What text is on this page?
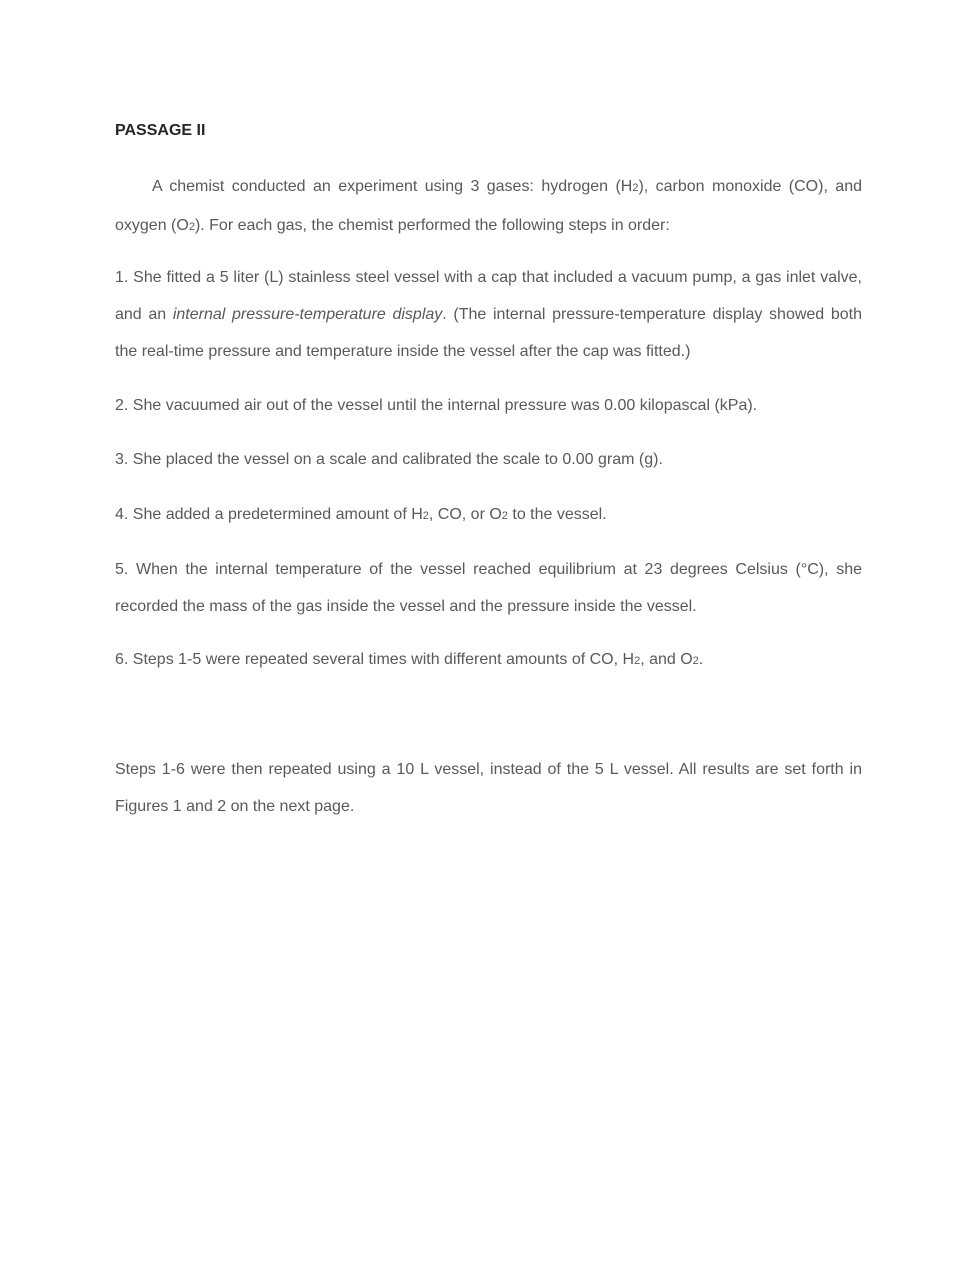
PASSAGE II

A chemist conducted an experiment using 3 gases: hydrogen (H2), carbon monoxide (CO), and oxygen (O2). For each gas, the chemist performed the following steps in order:

1. She fitted a 5 liter (L) stainless steel vessel with a cap that included a vacuum pump, a gas inlet valve, and an internal pressure-temperature display. (The internal pressure-temperature display showed both the real-time pressure and temperature inside the vessel after the cap was fitted.)

2. She vacuumed air out of the vessel until the internal pressure was 0.00 kilopascal (kPa).

3. She placed the vessel on a scale and calibrated the scale to 0.00 gram (g).

4. She added a predetermined amount of H2, CO, or O2 to the vessel.

5. When the internal temperature of the vessel reached equilibrium at 23 degrees Celsius (°C), she recorded the mass of the gas inside the vessel and the pressure inside the vessel.

6. Steps 1-5 were repeated several times with different amounts of CO, H2, and O2.

Steps 1-6 were then repeated using a 10 L vessel, instead of the 5 L vessel. All results are set forth in Figures 1 and 2 on the next page.
